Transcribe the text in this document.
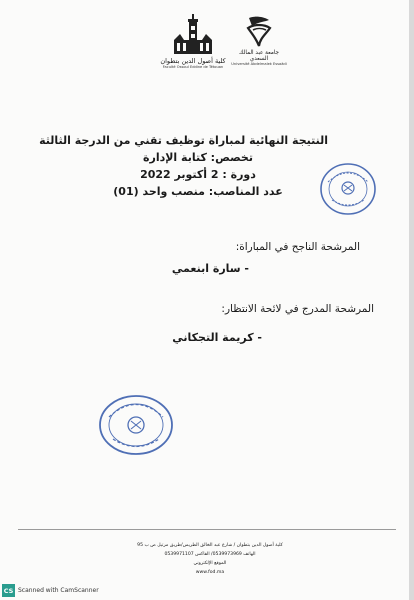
كلية أصول الدين بتطوان
Faculté Ossoul Eddine de Tétouan
جامعة عبد المالك السعدي
Université Abdelmalek Essaâdi
النتيجة النهائية لمباراة توظيف تقني من الدرجة الثالثة
تخصص: كتابة الإدارة
دورة : 2 أكتوبر 2022
عدد المناصب: منصب واحد (01)
المرشحة الناجح في المباراة:
- سارة ابنعمي
المرشحة المدرج في لائحة الانتظار:
- كريمة التجكاني
كلية أصول الدين بتطوان / شارع عبد الخالق الطريس/طريق مرتيل ص ب 95
الهاتف 0539973969/ الفاكس 0539971107
الموقع الإلكتروني
www.fod.ma
CS Scanned with CamScanner
